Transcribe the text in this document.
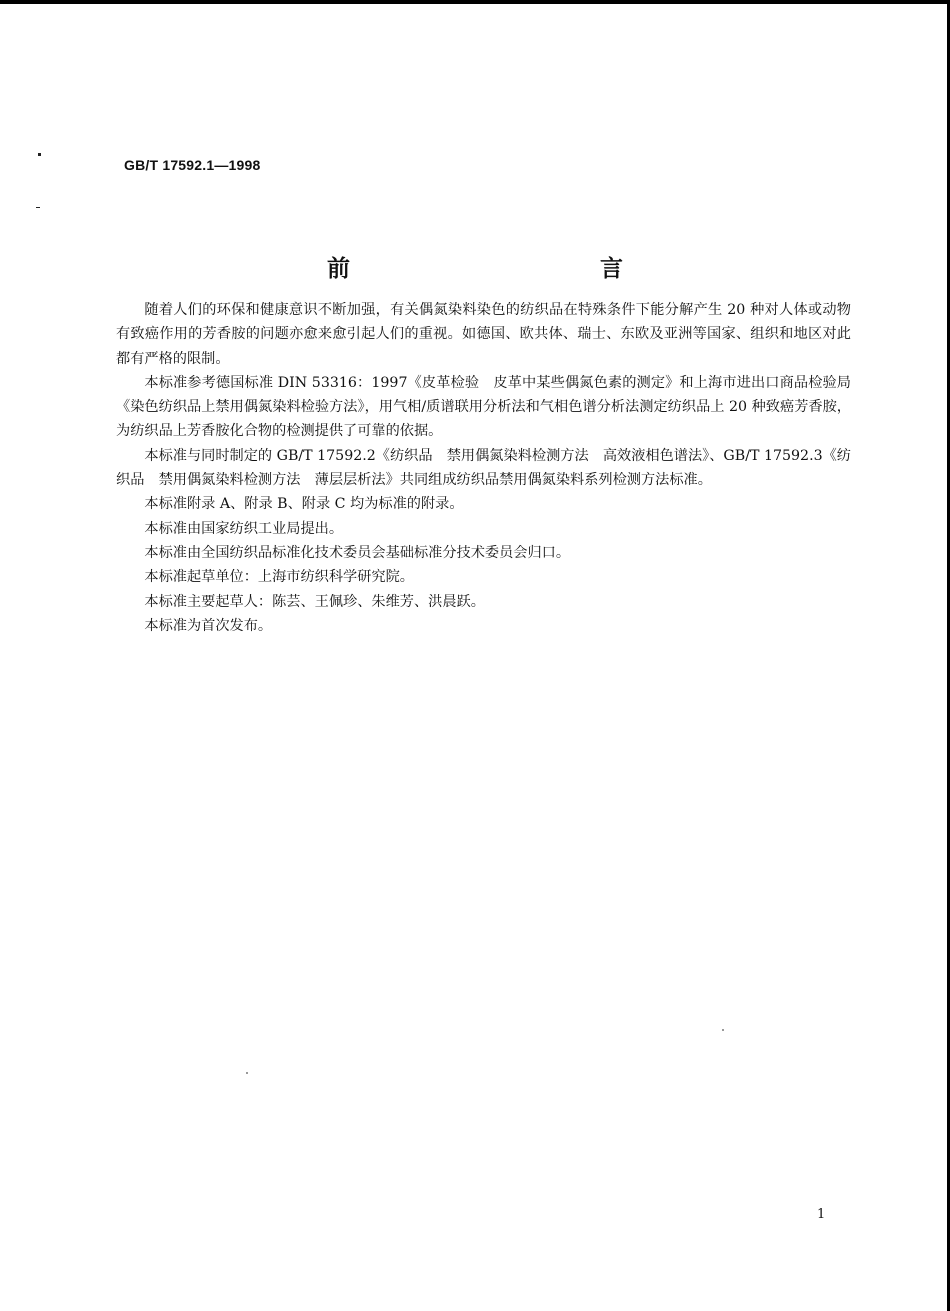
GB/T 17592.1—1998
前　　言

随着人们的环保和健康意识不断加强，有关偶氮染料染色的纺织品在特殊条件下能分解产生 20 种对人体或动物有致癌作用的芳香胺的问题亦愈来愈引起人们的重视。如德国、欧共体、瑞士、东欧及亚洲等国家、组织和地区对此都有严格的限制。

本标准参考德国标准 DIN 53316：1997《皮革检验　皮革中某些偶氮色素的测定》和上海市进出口商品检验局《染色纺织品上禁用偶氮染料检验方法》，用气相/质谱联用分析法和气相色谱分析法测定纺织品上 20 种致癌芳香胺，为纺织品上芳香胺化合物的检测提供了可靠的依据。

本标准与同时制定的 GB/T 17592.2《纺织品　禁用偶氮染料检测方法　高效液相色谱法》、GB/T 17592.3《纺织品　禁用偶氮染料检测方法　薄层层析法》共同组成纺织品禁用偶氮染料系列检测方法标准。

本标准附录 A、附录 B、附录 C 均为标准的附录。

本标准由国家纺织工业局提出。

本标准由全国纺织品标准化技术委员会基础标准分技术委员会归口。

本标准起草单位：上海市纺织科学研究院。

本标准主要起草人：陈芸、王佩珍、朱维芳、洪晨跃。

本标准为首次发布。

1
